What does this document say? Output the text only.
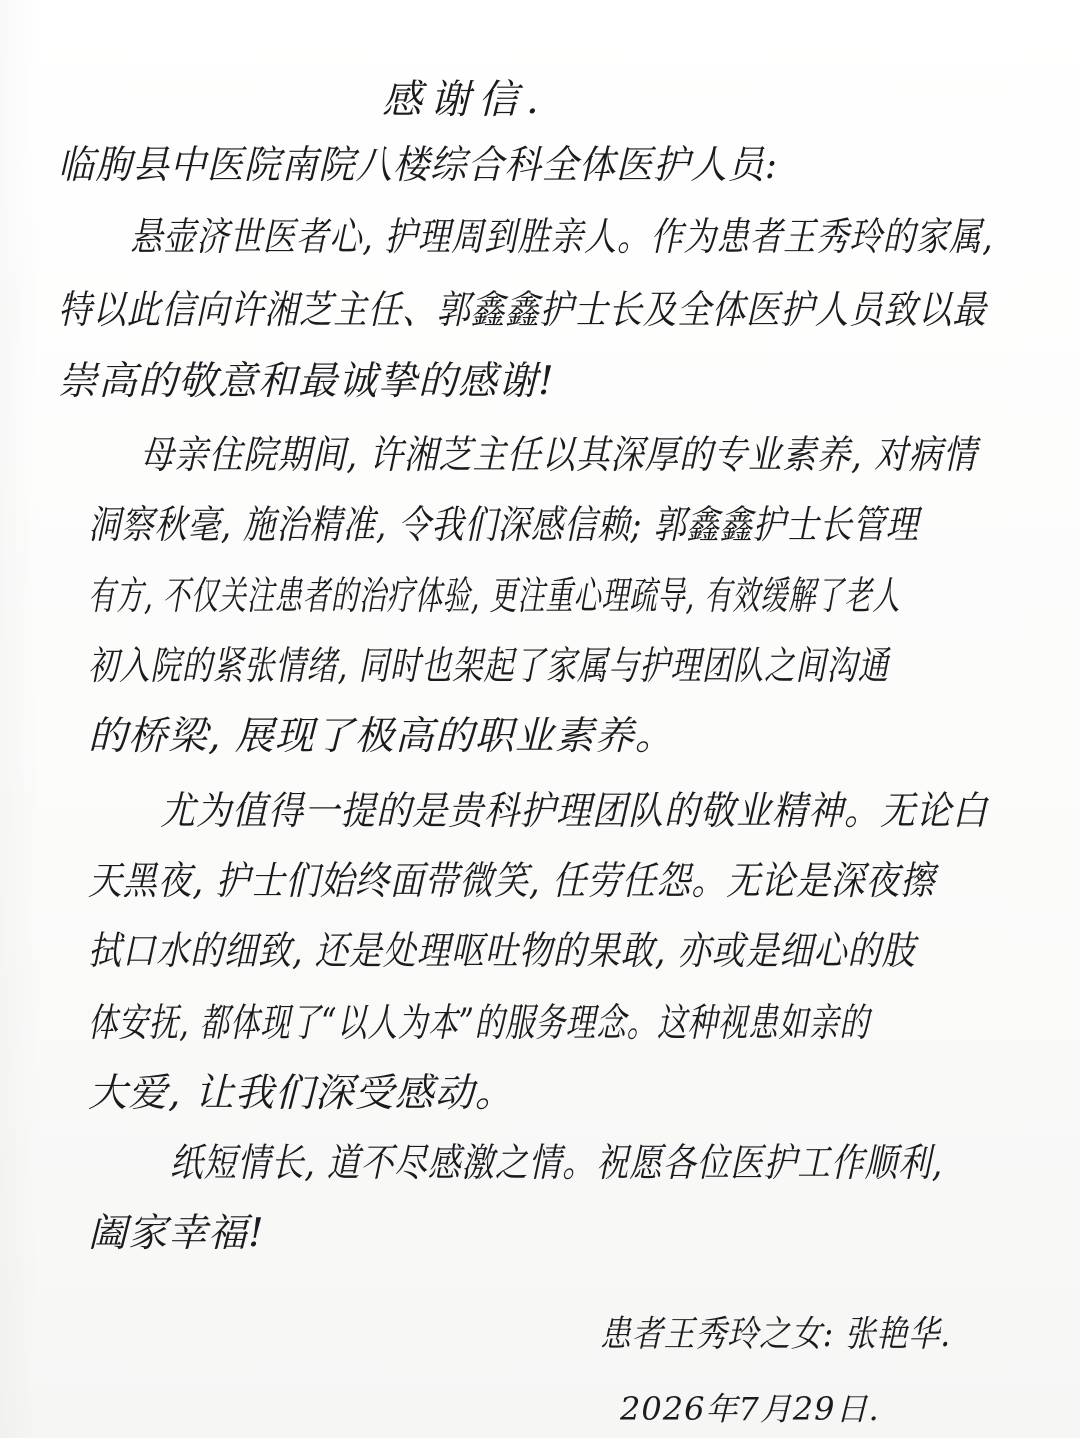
感谢信.
临朐县中医院南院八楼综合科全体医护人员:
悬壶济世医者心, 护理周到胜亲人。作为患者王秀玲的家属,
特以此信向许湘芝主任、郭鑫鑫护士长及全体医护人员致以最
崇高的敬意和最诚挚的感谢!
母亲住院期间, 许湘芝主任以其深厚的专业素养, 对病情
洞察秋毫, 施治精准, 令我们深感信赖; 郭鑫鑫护士长管理
有方, 不仅关注患者的治疗体验, 更注重心理疏导, 有效缓解了老人
初入院的紧张情绪, 同时也架起了家属与护理团队之间沟通
的桥梁, 展现了极高的职业素养。
尤为值得一提的是贵科护理团队的敬业精神。无论白
天黑夜, 护士们始终面带微笑, 任劳任怨。无论是深夜擦
拭口水的细致, 还是处理呕吐物的果敢, 亦或是细心的肢
体安抚, 都体现了“以人为本”的服务理念。这种视患如亲的
大爱, 让我们深受感动。
纸短情长, 道不尽感激之情。祝愿各位医护工作顺利,
阖家幸福!
患者王秀玲之女: 张艳华.
2026年7月29日.
